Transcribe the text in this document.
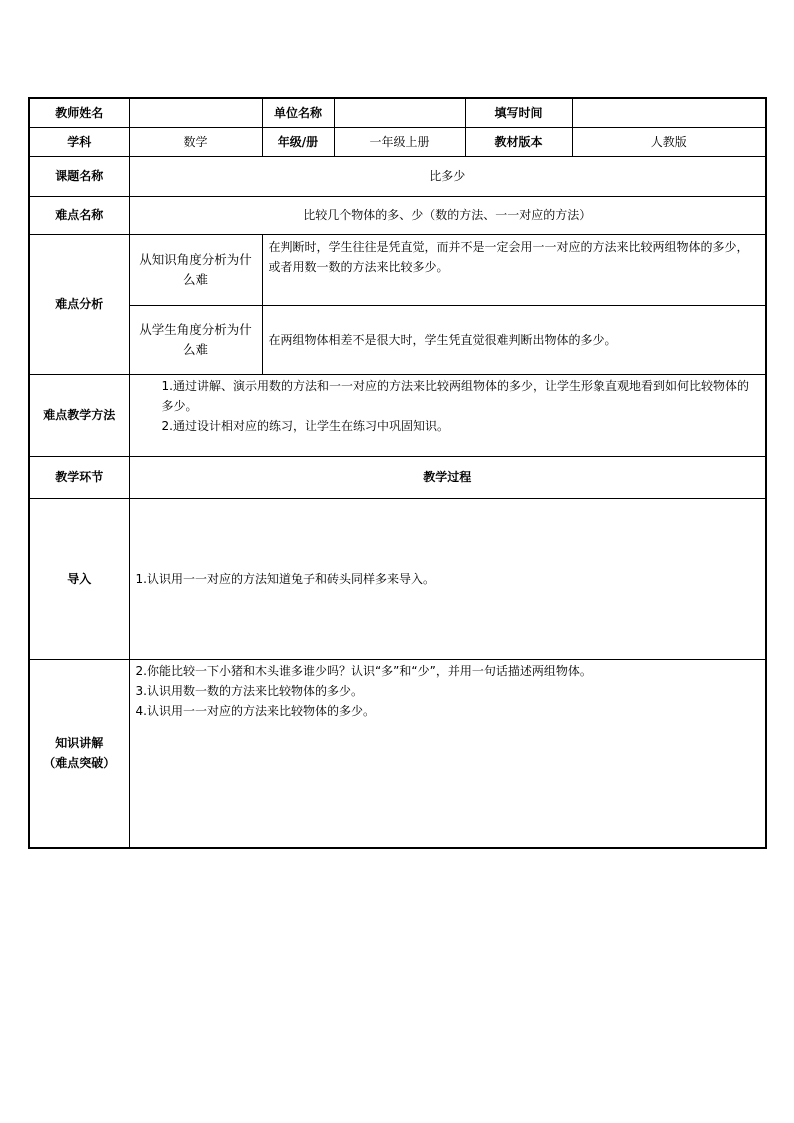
教师姓名		单位名称		填写时间	
学科	数学	年级/册	一年级上册	教材版本	人教版
课题名称	比多少				
难点名称	比较几个物体的多、少（数的方法、一一对应的方法）				
难点分析	从知识角度分析为什么难	在判断时，学生往往是凭直觉，而并不是一定会用一一对应的方法来比较两组物体的多少，或者用数一数的方法来比较多少。			
	从学生角度分析为什么难	在两组物体相差不是很大时，学生凭直觉很难判断出物体的多少。			
难点教学方法	1.通过讲解、演示用数的方法和一一对应的方法来比较两组物体的多少，让学生形象直观地看到如何比较物体的多少。
2.通过设计相对应的练习，让学生在练习中巩固知识。				

教学环节	教学过程				
导入	1.认识用一一对应的方法知道兔子和砖头同样多来导入。				

知识讲解
（难点突破）	2.你能比较一下小猪和木头谁多谁少吗？认识“多”和“少”，并用一句话描述两组物体。
3.认识用数一数的方法来比较物体的多少。
4.认识用一一对应的方法来比较物体的多少。				
